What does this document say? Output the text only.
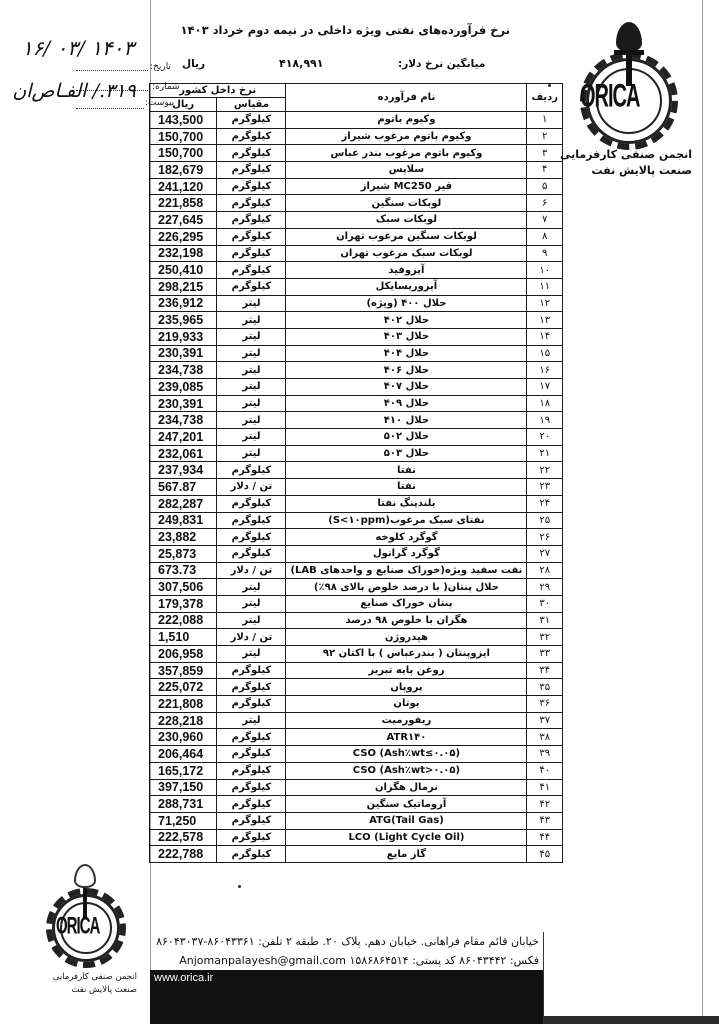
نرخ فرآورده‌های نفتی ویژه داخلی در نیمه دوم خرداد ۱۴۰۳
میانگین نرخ دلار:
۴۱۸,۹۹۱
ریال
تاریخ:
شماره:
پیوست:
۱۴۰۳ /۰۳ /۱۶
٣١٩./ الفـاص‌ان	ORICA
انجمن صنفی کارفرمایی
صنعت پالایش نفت
ردیف	نام فرآورده	نرخ داخل کشور	
		مقیاس	ریال
۱	وکیوم باتوم	کیلوگرم	143,500
۲	وکیوم باتوم مرغوب شیراز	کیلوگرم	150,700
۳	وکیوم باتوم مرغوب بندر عباس	کیلوگرم	150,700
۴	سلاپس	کیلوگرم	182,679
۵	قیر MC250 شیراز	کیلوگرم	241,120
۶	لوبکات سنگین	کیلوگرم	221,858
۷	لوبکات سبک	کیلوگرم	227,645
۸	لوبکات سنگین مرغوب تهران	کیلوگرم	226,295
۹	لوبکات سبک مرغوب تهران	کیلوگرم	232,198
۱۰	آیزوفید	کیلوگرم	250,410
۱۱	آیزوریسایکل	کیلوگرم	298,215
۱۲	حلال ۴۰۰ (ویژه)	لیتر	236,912
۱۳	حلال ۴۰۲	لیتر	235,965
۱۴	حلال ۴۰۳	لیتر	219,933
۱۵	حلال ۴۰۴	لیتر	230,391
۱۶	حلال ۴۰۶	لیتر	234,738
۱۷	حلال ۴۰۷	لیتر	239,085
۱۸	حلال ۴۰۹	لیتر	230,391
۱۹	حلال ۴۱۰	لیتر	234,738
۲۰	حلال ۵۰۲	لیتر	247,201
۲۱	حلال ۵۰۳	لیتر	232,061
۲۲	نفتا	کیلوگرم	237,934
۲۳	نفتا	تن / دلار	567.87
۲۴	بلندینگ نفتا	کیلوگرم	282,287
۲۵	نفتای سبک مرغوب(S<۱۰ppm)	کیلوگرم	249,831
۲۶	گوگرد کلوخه	کیلوگرم	23,882
۲۷	گوگرد گرانول	کیلوگرم	25,873
۲۸	نفت سفید ویژه(خوراک صنایع و واحدهای LAB)	تن / دلار	673.73
۲۹	حلال پنتان( با درصد خلوص بالای ۹۸٪)	لیتر	307,506
۳۰	پنتان خوراک صنایع	لیتر	179,378
۳۱	هگزان با خلوص ۹۸ درصد	لیتر	222,088
۳۲	هیدروژن	تن / دلار	1,510
۳۳	ایزوپنتان ( بندرعباس ) با اکتان ۹۲	لیتر	206,958
۳۴	روغن پایه تبریز	کیلوگرم	357,859
۳۵	پروپان	کیلوگرم	225,072
۳۶	بوتان	کیلوگرم	221,808
۳۷	ریفورمیت	لیتر	228,218
۳۸	ATR۱۴۰	کیلوگرم	230,960
۳۹	CSO (Ash٪wt≤۰.۰۵)	کیلوگرم	206,464
۴۰	CSO (Ash٪wt>۰.۰۵)	کیلوگرم	165,172
۴۱	نرمال هگزان	کیلوگرم	397,150
۴۲	آروماتیک سنگین	کیلوگرم	288,731
۴۳	ATG(Tail Gas)	کیلوگرم	71,250
۴۴	LCO (Light Cycle Oil)	کیلوگرم	222,578
۴۵	گاز مایع	کیلوگرم	222,788
ORICA
انجمن صنفی کارفرمایی
صنعت پالایش نفت
خیابان قائم مقام فراهانی. خیابان دهم. پلاک ۲۰. طبقه ۲ تلفن: ۸۶۰۴۳۳۶۱-۸۶۰۴۳۰۳۷
فکس: ۸۶۰۴۳۴۴۲ کد پستی: ۱۵۸۶۸۶۴۵۱۴ Anjomanpalayesh@gmail.com
www.orica.ir
